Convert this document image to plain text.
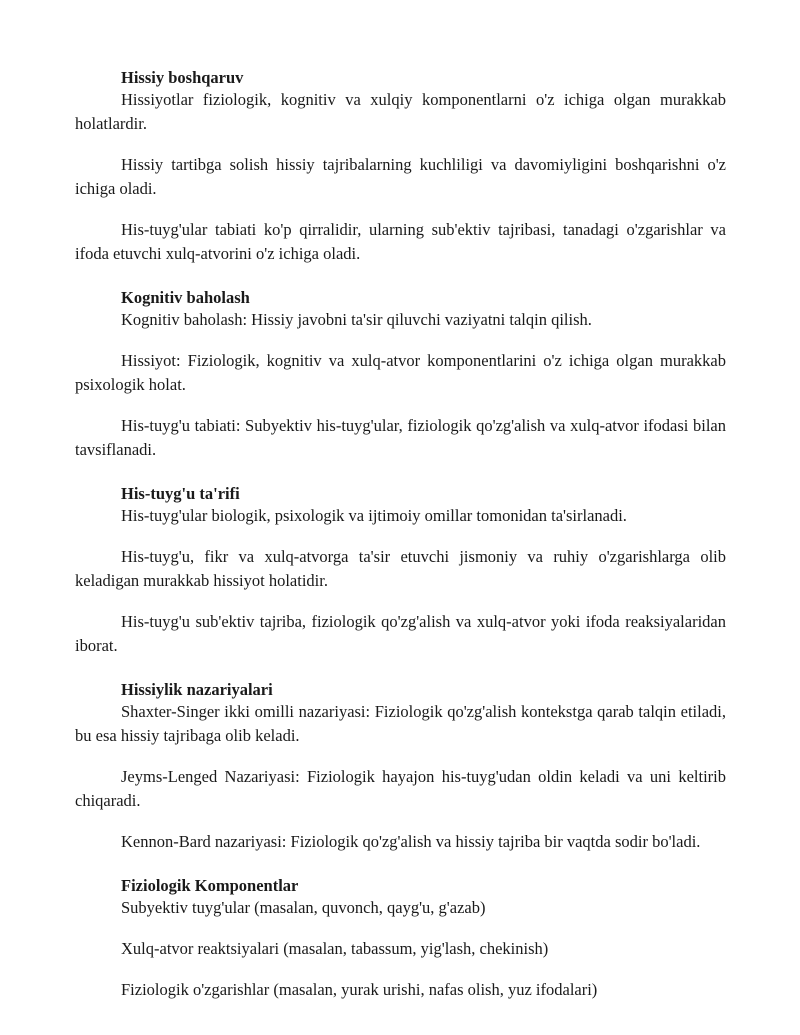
Hissiy boshqaruv

Hissiyotlar fiziologik, kognitiv va xulqiy komponentlarni o'z ichiga olgan murakkab holatlardir.

Hissiy tartibga solish hissiy tajribalarning kuchliligi va davomiyligini boshqarishni o'z ichiga oladi.

His-tuyg'ular tabiati ko'p qirralidir, ularning sub'ektiv tajribasi, tanadagi o'zgarishlar va ifoda etuvchi xulq-atvorini o'z ichiga oladi.

Kognitiv baholash

Kognitiv baholash: Hissiy javobni ta'sir qiluvchi vaziyatni talqin qilish.

Hissiyot: Fiziologik, kognitiv va xulq-atvor komponentlarini o'z ichiga olgan murakkab psixologik holat.

His-tuyg'u tabiati: Subyektiv his-tuyg'ular, fiziologik qo'zg'alish va xulq-atvor ifodasi bilan tavsiflanadi.

His-tuyg'u ta'rifi

His-tuyg'ular biologik, psixologik va ijtimoiy omillar tomonidan ta'sirlanadi.

His-tuyg'u, fikr va xulq-atvorga ta'sir etuvchi jismoniy va ruhiy o'zgarishlarga olib keladigan murakkab hissiyot holatidir.

His-tuyg'u sub'ektiv tajriba, fiziologik qo'zg'alish va xulq-atvor yoki ifoda reaksiyalaridan iborat.

Hissiylik nazariyalari

Shaxter-Singer ikki omilli nazariyasi: Fiziologik qo'zg'alish kontekstga qarab talqin etiladi, bu esa hissiy tajribaga olib keladi.

Jeyms-Lenged Nazariyasi: Fiziologik hayajon his-tuyg'udan oldin keladi va uni keltirib chiqaradi.

Kennon-Bard nazariyasi: Fiziologik qo'zg'alish va hissiy tajriba bir vaqtda sodir bo'ladi.

Fiziologik Komponentlar

Subyektiv tuyg'ular (masalan, quvonch, qayg'u, g'azab)

Xulq-atvor reaktsiyalari (masalan, tabassum, yig'lash, chekinish)

Fiziologik o'zgarishlar (masalan, yurak urishi, nafas olish, yuz ifodalari)
